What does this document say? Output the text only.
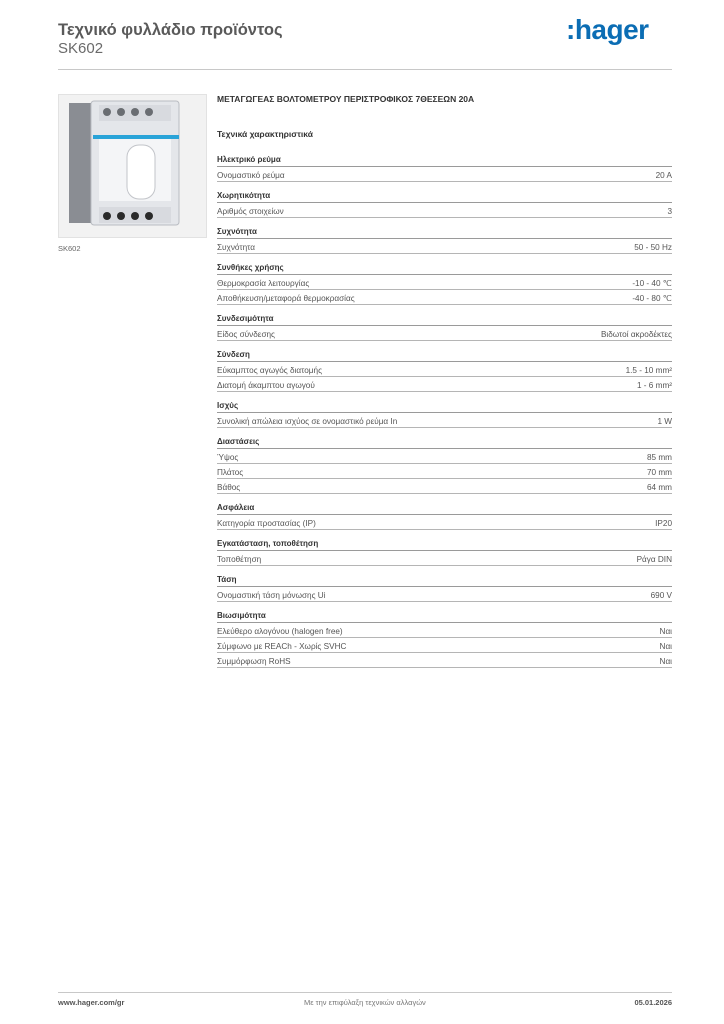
Τεχνικό φυλλάδιο προϊόντος
SK602
:hager
SK602
ΜΕΤΑΓΩΓΕΑΣ ΒΟΛΤΟΜΕΤΡΟΥ ΠΕΡΙΣΤΡΟΦΙΚΟΣ 7ΘΕΣΕΩΝ 20Α
Τεχνικά χαρακτηριστικά
Ηλεκτρικό ρεύμα
Ονομαστικό ρεύμα	20 A
Χωρητικότητα
Αριθμός στοιχείων	3
Συχνότητα
Συχνότητα	50 - 50 Hz
Συνθήκες χρήσης
Θερμοκρασία λειτουργίας	-10 - 40 ℃
Αποθήκευση/μεταφορά θερμοκρασίας	-40 - 80 ℃
Συνδεσιμότητα
Είδος σύνδεσης	Βιδωτοί ακροδέκτες
Σύνδεση
Εύκαμπτος αγωγός διατομής	1.5 - 10 mm²
Διατομή άκαμπτου αγωγού	1 - 6 mm²
Ισχύς
Συνολική απώλεια ισχύος σε ονομαστικό ρεύμα In	1 W
Διαστάσεις
Ύψος	85 mm
Πλάτος	70 mm
Βάθος	64 mm
Ασφάλεια
Κατηγορία προστασίας (IP)	IP20
Εγκατάσταση, τοποθέτηση
Τοποθέτηση	Ράγα DIN
Τάση
Ονομαστική τάση μόνωσης Ui	690 V
Βιωσιμότητα
Ελεύθερο αλογόνου (halogen free)	Ναι
Σύμφωνο με REACh - Χωρίς SVHC	Ναι
Συμμόρφωση RoHS	Ναι
www.hager.com/gr	Με την επιφύλαξη τεχνικών αλλαγών	05.01.2026
